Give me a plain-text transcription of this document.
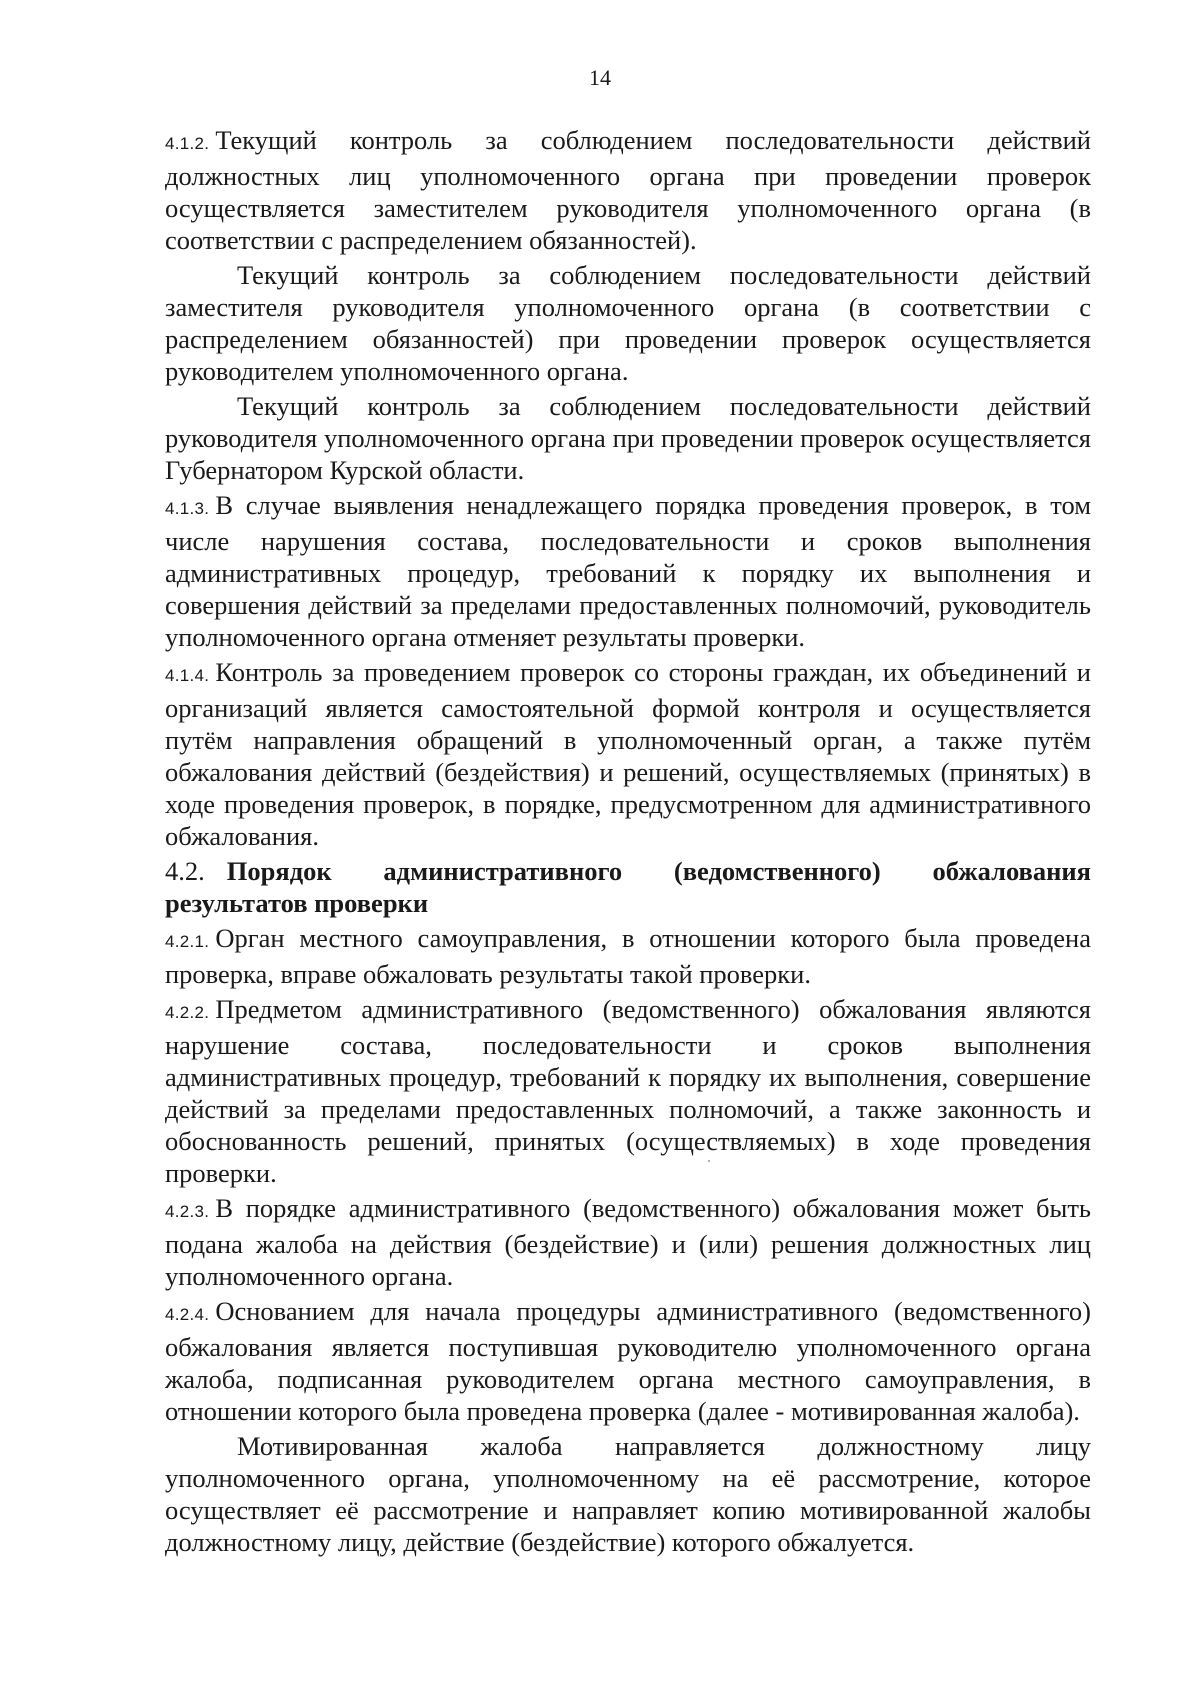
14

4.1.2. Текущий контроль за соблюдением последовательности действий должностных лиц уполномоченного органа при проведении проверок осуществляется заместителем руководителя уполномоченного органа (в соответствии с распределением обязанностей).

Текущий контроль за соблюдением последовательности действий заместителя руководителя уполномоченного органа (в соответствии с распределением обязанностей) при проведении проверок осуществляется руководителем уполномоченного органа.

Текущий контроль за соблюдением последовательности действий руководителя уполномоченного органа при проведении проверок осуществляется Губернатором Курской области.

4.1.3. В случае выявления ненадлежащего порядка проведения проверок, в том числе нарушения состава, последовательности и сроков выполнения административных процедур, требований к порядку их выполнения и совершения действий за пределами предоставленных полномочий, руководитель уполномоченного органа отменяет результаты проверки.

4.1.4. Контроль за проведением проверок со стороны граждан, их объединений и организаций является самостоятельной формой контроля и осуществляется путём направления обращений в уполномоченный орган, а также путём обжалования действий (бездействия) и решений, осуществляемых (принятых) в ходе проведения проверок, в порядке, предусмотренном для административного обжалования.

4.2. Порядок административного (ведомственного) обжалования результатов проверки

4.2.1. Орган местного самоуправления, в отношении которого была проведена проверка, вправе обжаловать результаты такой проверки.

4.2.2. Предметом административного (ведомственного) обжалования являются нарушение состава, последовательности и сроков выполнения административных процедур, требований к порядку их выполнения, совершение действий за пределами предоставленных полномочий, а также законность и обоснованность решений, принятых (осуществляемых) в ходе проведения проверки.

4.2.3. В порядке административного (ведомственного) обжалования может быть подана жалоба на действия (бездействие) и (или) решения должностных лиц уполномоченного органа.

4.2.4. Основанием для начала процедуры административного (ведомственного) обжалования является поступившая руководителю уполномоченного органа жалоба, подписанная руководителем органа местного самоуправления, в отношении которого была проведена проверка (далее - мотивированная жалоба).

Мотивированная жалоба направляется должностному лицу уполномоченного органа, уполномоченному на её рассмотрение, которое осуществляет её рассмотрение и направляет копию мотивированной жалобы должностному лицу, действие (бездействие) которого обжалуется.
